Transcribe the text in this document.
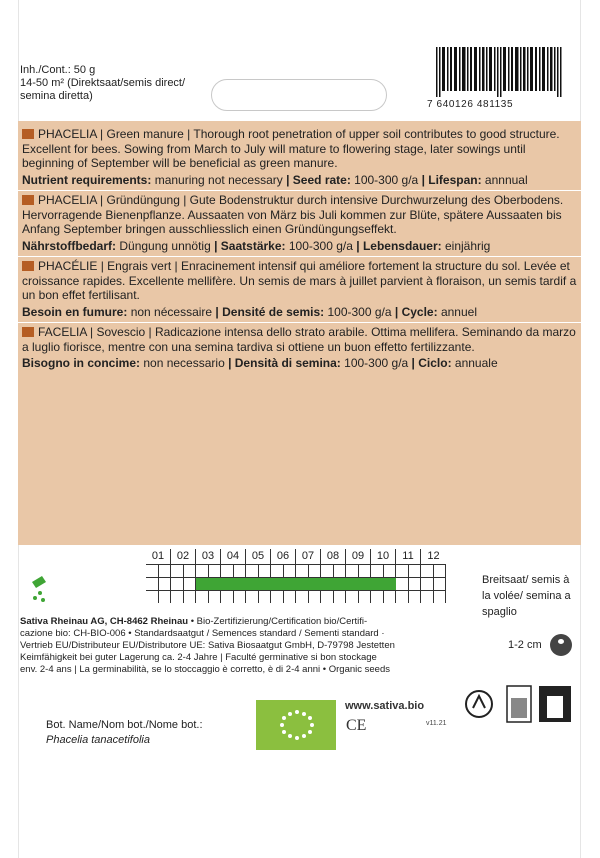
Inh./Cont.: 50 g
14-50 m² (Direktsaat/semis direct/
semina diretta)
7 640126 481135
PHACELIA | Green manure | Thorough root penetration of upper soil contributes to good structure. Excellent for bees. Sowing from March to July will mature to flowering stage, later sowings until beginning of September will be beneficial as green manure.
Nutrient requirements: manuring not necessary | Seed rate: 100-300 g/a | Lifespan: annnual
PHACELIA | Gründüngung | Gute Bodenstruktur durch intensive Durchwurzelung des Oberbodens. Hervorragende Bienenpflanze. Aussaaten von März bis Juli kommen zur Blüte, spätere Aussaaten bis Anfang September bringen ausschliesslich einen Gründüngungseffekt.
Nährstoffbedarf: Düngung unnötig | Saatstärke: 100-300 g/a | Lebensdauer: einjährig
PHACÉLIE | Engrais vert | Enracinement intensif qui améliore fortement la structure du sol. Levée et croissance rapides. Excellente mellifère. Un semis de mars à juillet parvient à floraison, un semis tardif a un bon effet fertilisant.
Besoin en fumure: non nécessaire | Densité de semis: 100-300 g/a | Cycle: annuel
FACELIA | Sovescio | Radicazione intensa dello strato arabile. Ottima mellifera. Seminando da marzo a luglio fiorisce, mentre con una semina tardiva si ottiene un buon effetto fertilizzante.
Bisogno in concime: non necessario | Densità di semina: 100-300 g/a | Ciclo: annuale
01	02	03	04	05	06	07	08	09	10	11	12
Breitsaat/ semis à
la volée/ semina a
spaglio
1-2 cm
Sativa Rheinau AG, CH-8462 Rheinau • Bio-Zertifizierung/Certification bio/Certifi-
cazione bio: CH-BIO-006 • Standardsaatgut / Semences standard / Sementi standard ·
Vertrieb EU/Distributeur EU/Distributore UE: Sativa Biosaatgut GmbH, D-79798 Jestetten
Keimfähigkeit bei guter Lagerung ca. 2-4 Jahre | Faculté germinative si bon stockage
env. 2-4 ans | La germinabilità, se lo stoccaggio è corretto, è di 2-4 anni • Organic seeds
www.sativa.bio
CE	v11.21
Bot. Name/Nom bot./Nome bot.:
Phacelia tanacetifolia
